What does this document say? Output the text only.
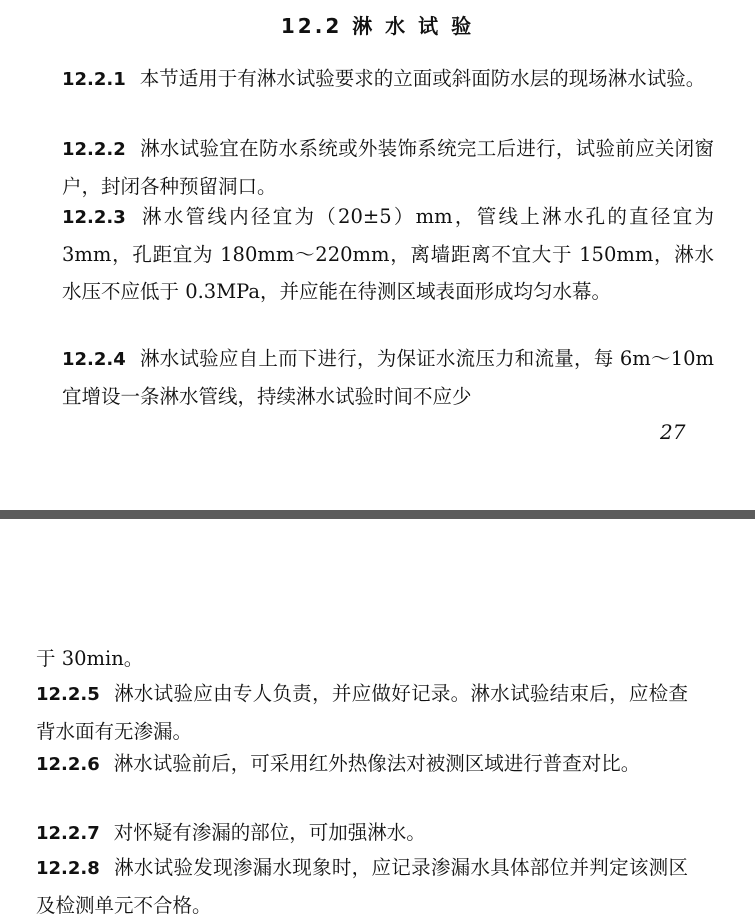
12.2 淋 水 试 验

12.2.1 本节适用于有淋水试验要求的立面或斜面防水层的现场淋水试验。

12.2.2 淋水试验宜在防水系统或外装饰系统完工后进行，试验前应关闭窗户，封闭各种预留洞口。

12.2.3 淋水管线内径宜为（20±5）mm，管线上淋水孔的直径宜为 3mm，孔距宜为 180mm～220mm，离墙距离不宜大于 150mm，淋水水压不应低于 0.3MPa，并应能在待测区域表面形成均匀水幕。

12.2.4 淋水试验应自上而下进行，为保证水流压力和流量，每 6m～10m 宜增设一条淋水管线，持续淋水试验时间不应少

27

于 30min。

12.2.5 淋水试验应由专人负责，并应做好记录。淋水试验结束后，应检查背水面有无渗漏。

12.2.6 淋水试验前后，可采用红外热像法对被测区域进行普查对比。

12.2.7 对怀疑有渗漏的部位，可加强淋水。

12.2.8 淋水试验发现渗漏水现象时，应记录渗漏水具体部位并判定该测区及检测单元不合格。
